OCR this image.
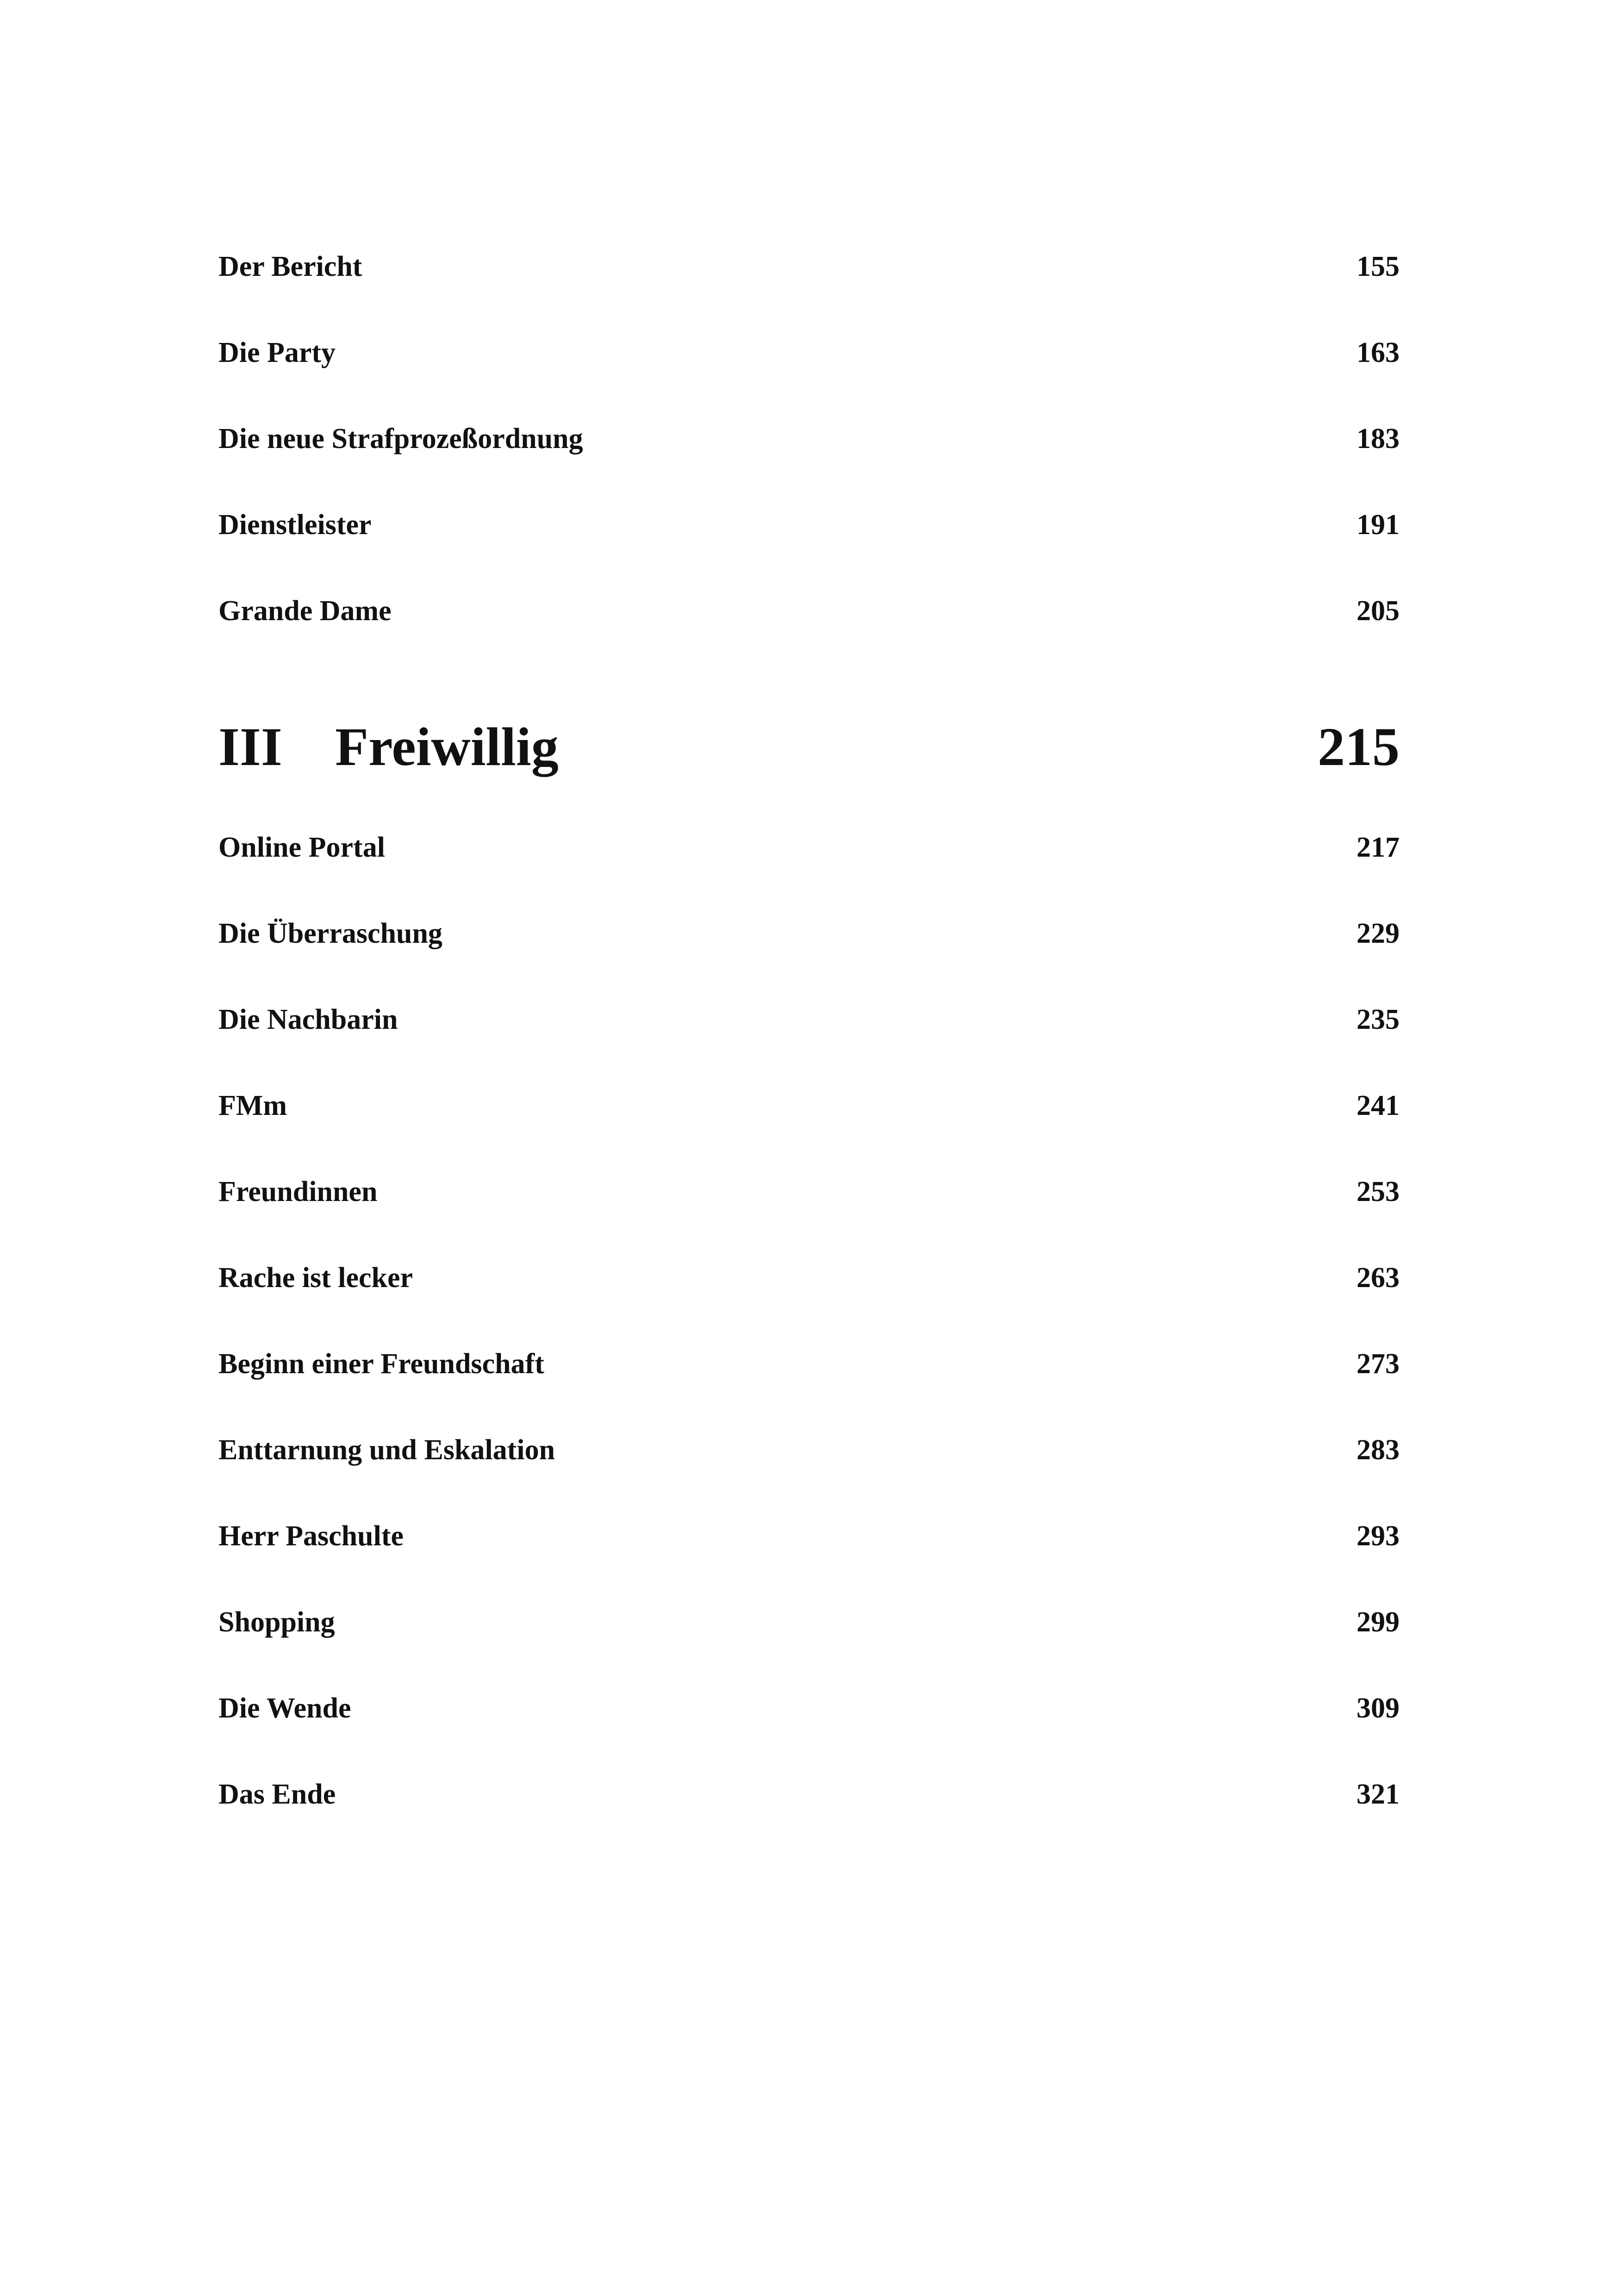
Der Bericht	155
Die Party	163
Die neue Strafprozeßordnung	183
Dienstleister	191
Grande Dame	205
III Freiwillig	215
Online Portal	217
Die Überraschung	229
Die Nachbarin	235
FMm	241
Freundinnen	253
Rache ist lecker	263
Beginn einer Freundschaft	273
Enttarnung und Eskalation	283
Herr Paschulte	293
Shopping	299
Die Wende	309
Das Ende	321
